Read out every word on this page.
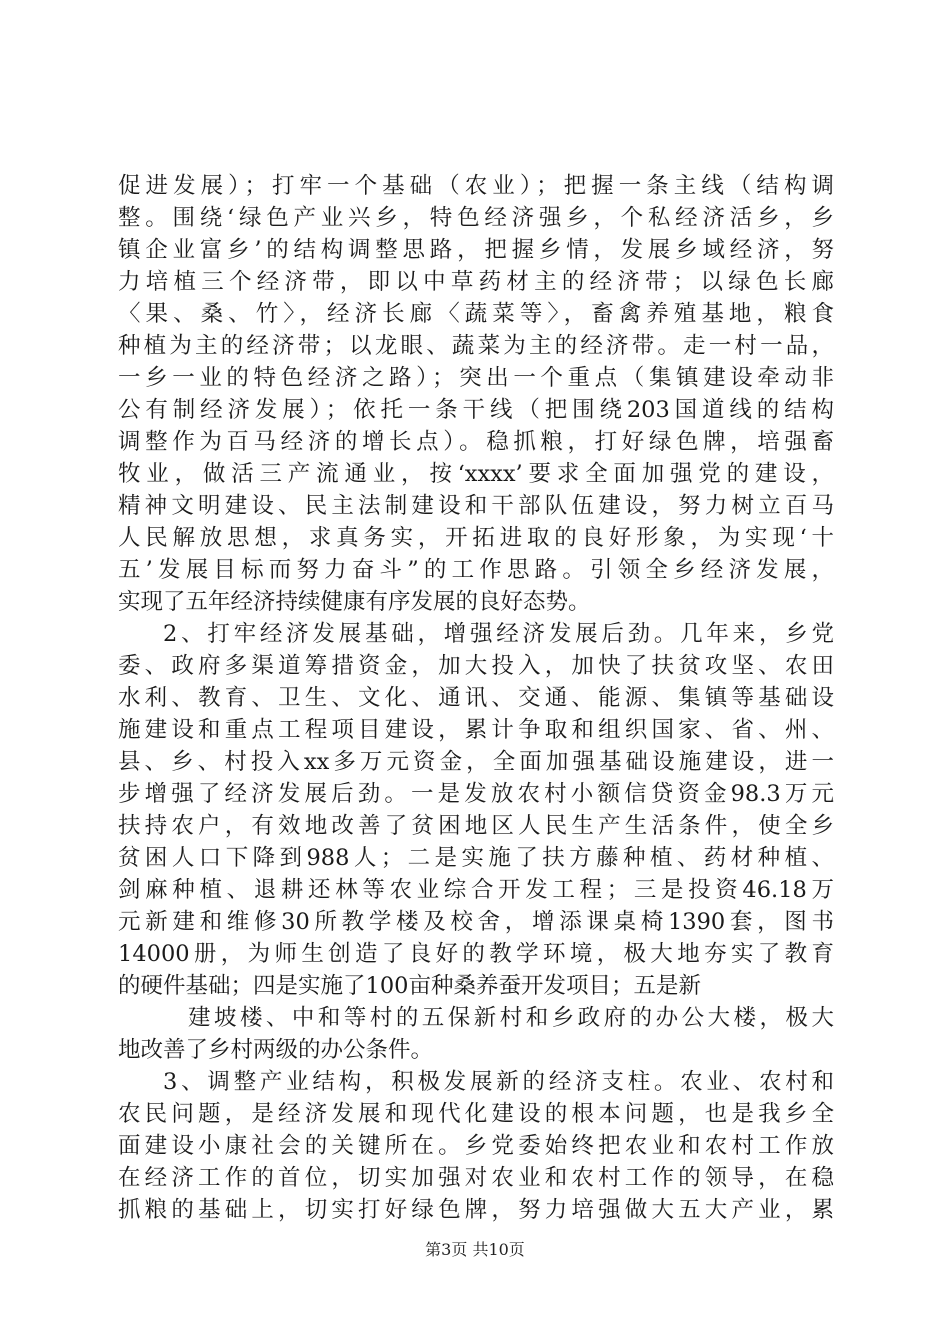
促进发展）；打牢一个基础（农业）；把握一条主线（结构调
整。围绕‘绿色产业兴乡，特色经济强乡，个私经济活乡，乡
镇企业富乡’的结构调整思路，把握乡情，发展乡域经济，努
力培植三个经济带，即以中草药材主的经济带；以绿色长廊
〈果、桑、竹〉，经济长廊〈蔬菜等〉，畜禽养殖基地，粮食
种植为主的经济带；以龙眼、蔬菜为主的经济带。走一村一品，
一乡一业的特色经济之路）；突出一个重点（集镇建设牵动非
公有制经济发展）；依托一条干线（把围绕203国道线的结构
调整作为百马经济的增长点）。稳抓粮，打好绿色牌，培强畜
牧业，做活三产流通业，按‘xxxx’要求全面加强党的建设，
精神文明建设、民主法制建设和干部队伍建设，努力树立百马
人民解放思想，求真务实，开拓进取的良好形象，为实现‘十
五’发展目标而努力奋斗”的工作思路。引领全乡经济发展，
实现了五年经济持续健康有序发展的良好态势。
2、打牢经济发展基础，增强经济发展后劲。几年来，乡党
委、政府多渠道筹措资金，加大投入，加快了扶贫攻坚、农田
水利、教育、卫生、文化、通讯、交通、能源、集镇等基础设
施建设和重点工程项目建设，累计争取和组织国家、省、州、
县、乡、村投入xx多万元资金，全面加强基础设施建设，进一
步增强了经济发展后劲。一是发放农村小额信贷资金98.3万元
扶持农户，有效地改善了贫困地区人民生产生活条件，使全乡
贫困人口下降到988人；二是实施了扶方藤种植、药材种植、
剑麻种植、退耕还林等农业综合开发工程；三是投资46.18万
元新建和维修30所教学楼及校舍，增添课桌椅1390套，图书
14000册，为师生创造了良好的教学环境，极大地夯实了教育
的硬件基础；四是实施了100亩种桑养蚕开发项目；五是新
建坡楼、中和等村的五保新村和乡政府的办公大楼，极大
地改善了乡村两级的办公条件。
3、调整产业结构，积极发展新的经济支柱。农业、农村和
农民问题，是经济发展和现代化建设的根本问题，也是我乡全
面建设小康社会的关键所在。乡党委始终把农业和农村工作放
在经济工作的首位，切实加强对农业和农村工作的领导，在稳
抓粮的基础上，切实打好绿色牌，努力培强做大五大产业，累
第3页 共10页
